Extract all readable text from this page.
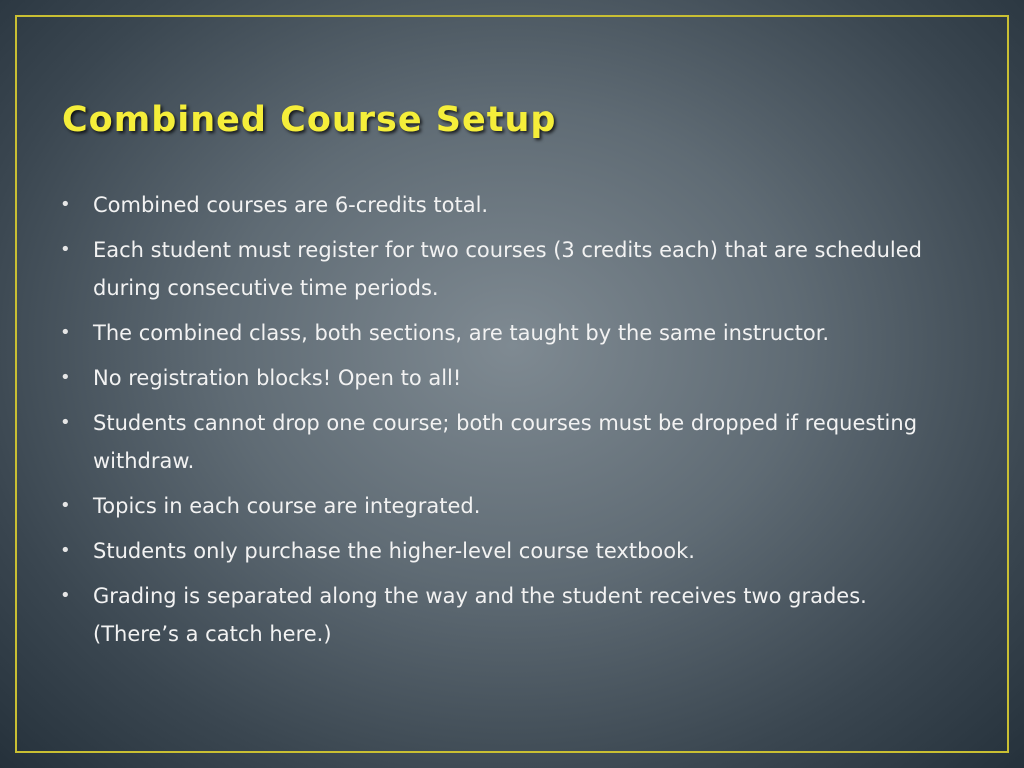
Combined Course Setup
• Combined courses are 6-credits total.
• Each student must register for two courses (3 credits each) that are scheduled during consecutive time periods.
• The combined class, both sections, are taught by the same instructor.
• No registration blocks! Open to all!
• Students cannot drop one course; both courses must be dropped if requesting withdraw.
• Topics in each course are integrated.
• Students only purchase the higher-level course textbook.
• Grading is separated along the way and the student receives two grades. (There’s a catch here.)
